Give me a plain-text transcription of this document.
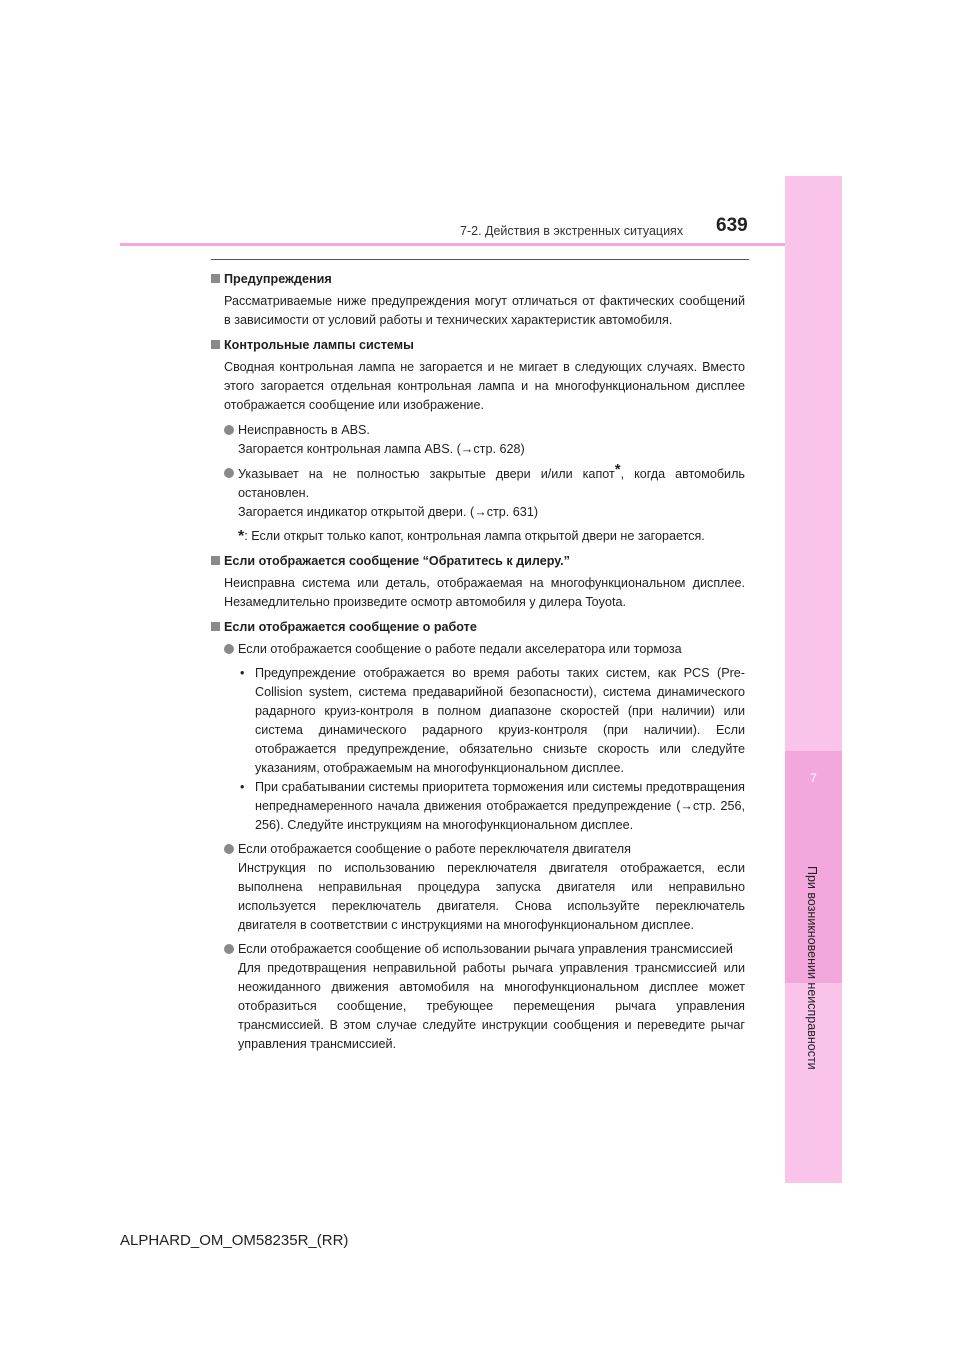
7
При возникновении неисправности
7-2. Действия в экстренных ситуациях 639
Предупреждения
Рассматриваемые ниже предупреждения могут отличаться от фактических сообщений в зависимости от условий работы и технических характеристик автомобиля.
Контрольные лампы системы
Сводная контрольная лампа не загорается и не мигает в следующих случаях. Вместо этого загорается отдельная контрольная лампа и на многофункциональном дисплее отображается сообщение или изображение.
Неисправность в ABS.
Загорается контрольная лампа ABS. (→стр. 628)
Указывает на не полностью закрытые двери и/или капот*, когда автомобиль остановлен.
Загорается индикатор открытой двери. (→стр. 631)
*: Если открыт только капот, контрольная лампа открытой двери не загорается.
Если отображается сообщение “Обратитесь к дилеру.”
Неисправна система или деталь, отображаемая на многофункциональном дисплее. Незамедлительно произведите осмотр автомобиля у дилера Toyota.
Если отображается сообщение о работе
Если отображается сообщение о работе педали акселератора или тормоза
• Предупреждение отображается во время работы таких систем, как PCS (Pre-Collision system, система предаварийной безопасности), система динамического радарного круиз-контроля в полном диапазоне скоростей (при наличии) или система динамического радарного круиз-контроля (при наличии). Если отображается предупреждение, обязательно снизьте скорость или следуйте указаниям, отображаемым на многофункциональном дисплее.
• При срабатывании системы приоритета торможения или системы предотвращения непреднамеренного начала движения отображается предупреждение (→стр. 256, 256). Следуйте инструкциям на многофункциональном дисплее.
Если отображается сообщение о работе переключателя двигателя
Инструкция по использованию переключателя двигателя отображается, если выполнена неправильная процедура запуска двигателя или неправильно используется переключатель двигателя. Снова используйте переключатель двигателя в соответствии с инструкциями на многофункциональном дисплее.
Если отображается сообщение об использовании рычага управления трансмиссией
Для предотвращения неправильной работы рычага управления трансмиссией или неожиданного движения автомобиля на многофункциональном дисплее может отобразиться сообщение, требующее перемещения рычага управления трансмиссией. В этом случае следуйте инструкции сообщения и переведите рычаг управления трансмиссией.
ALPHARD_OM_OM58235R_(RR)
